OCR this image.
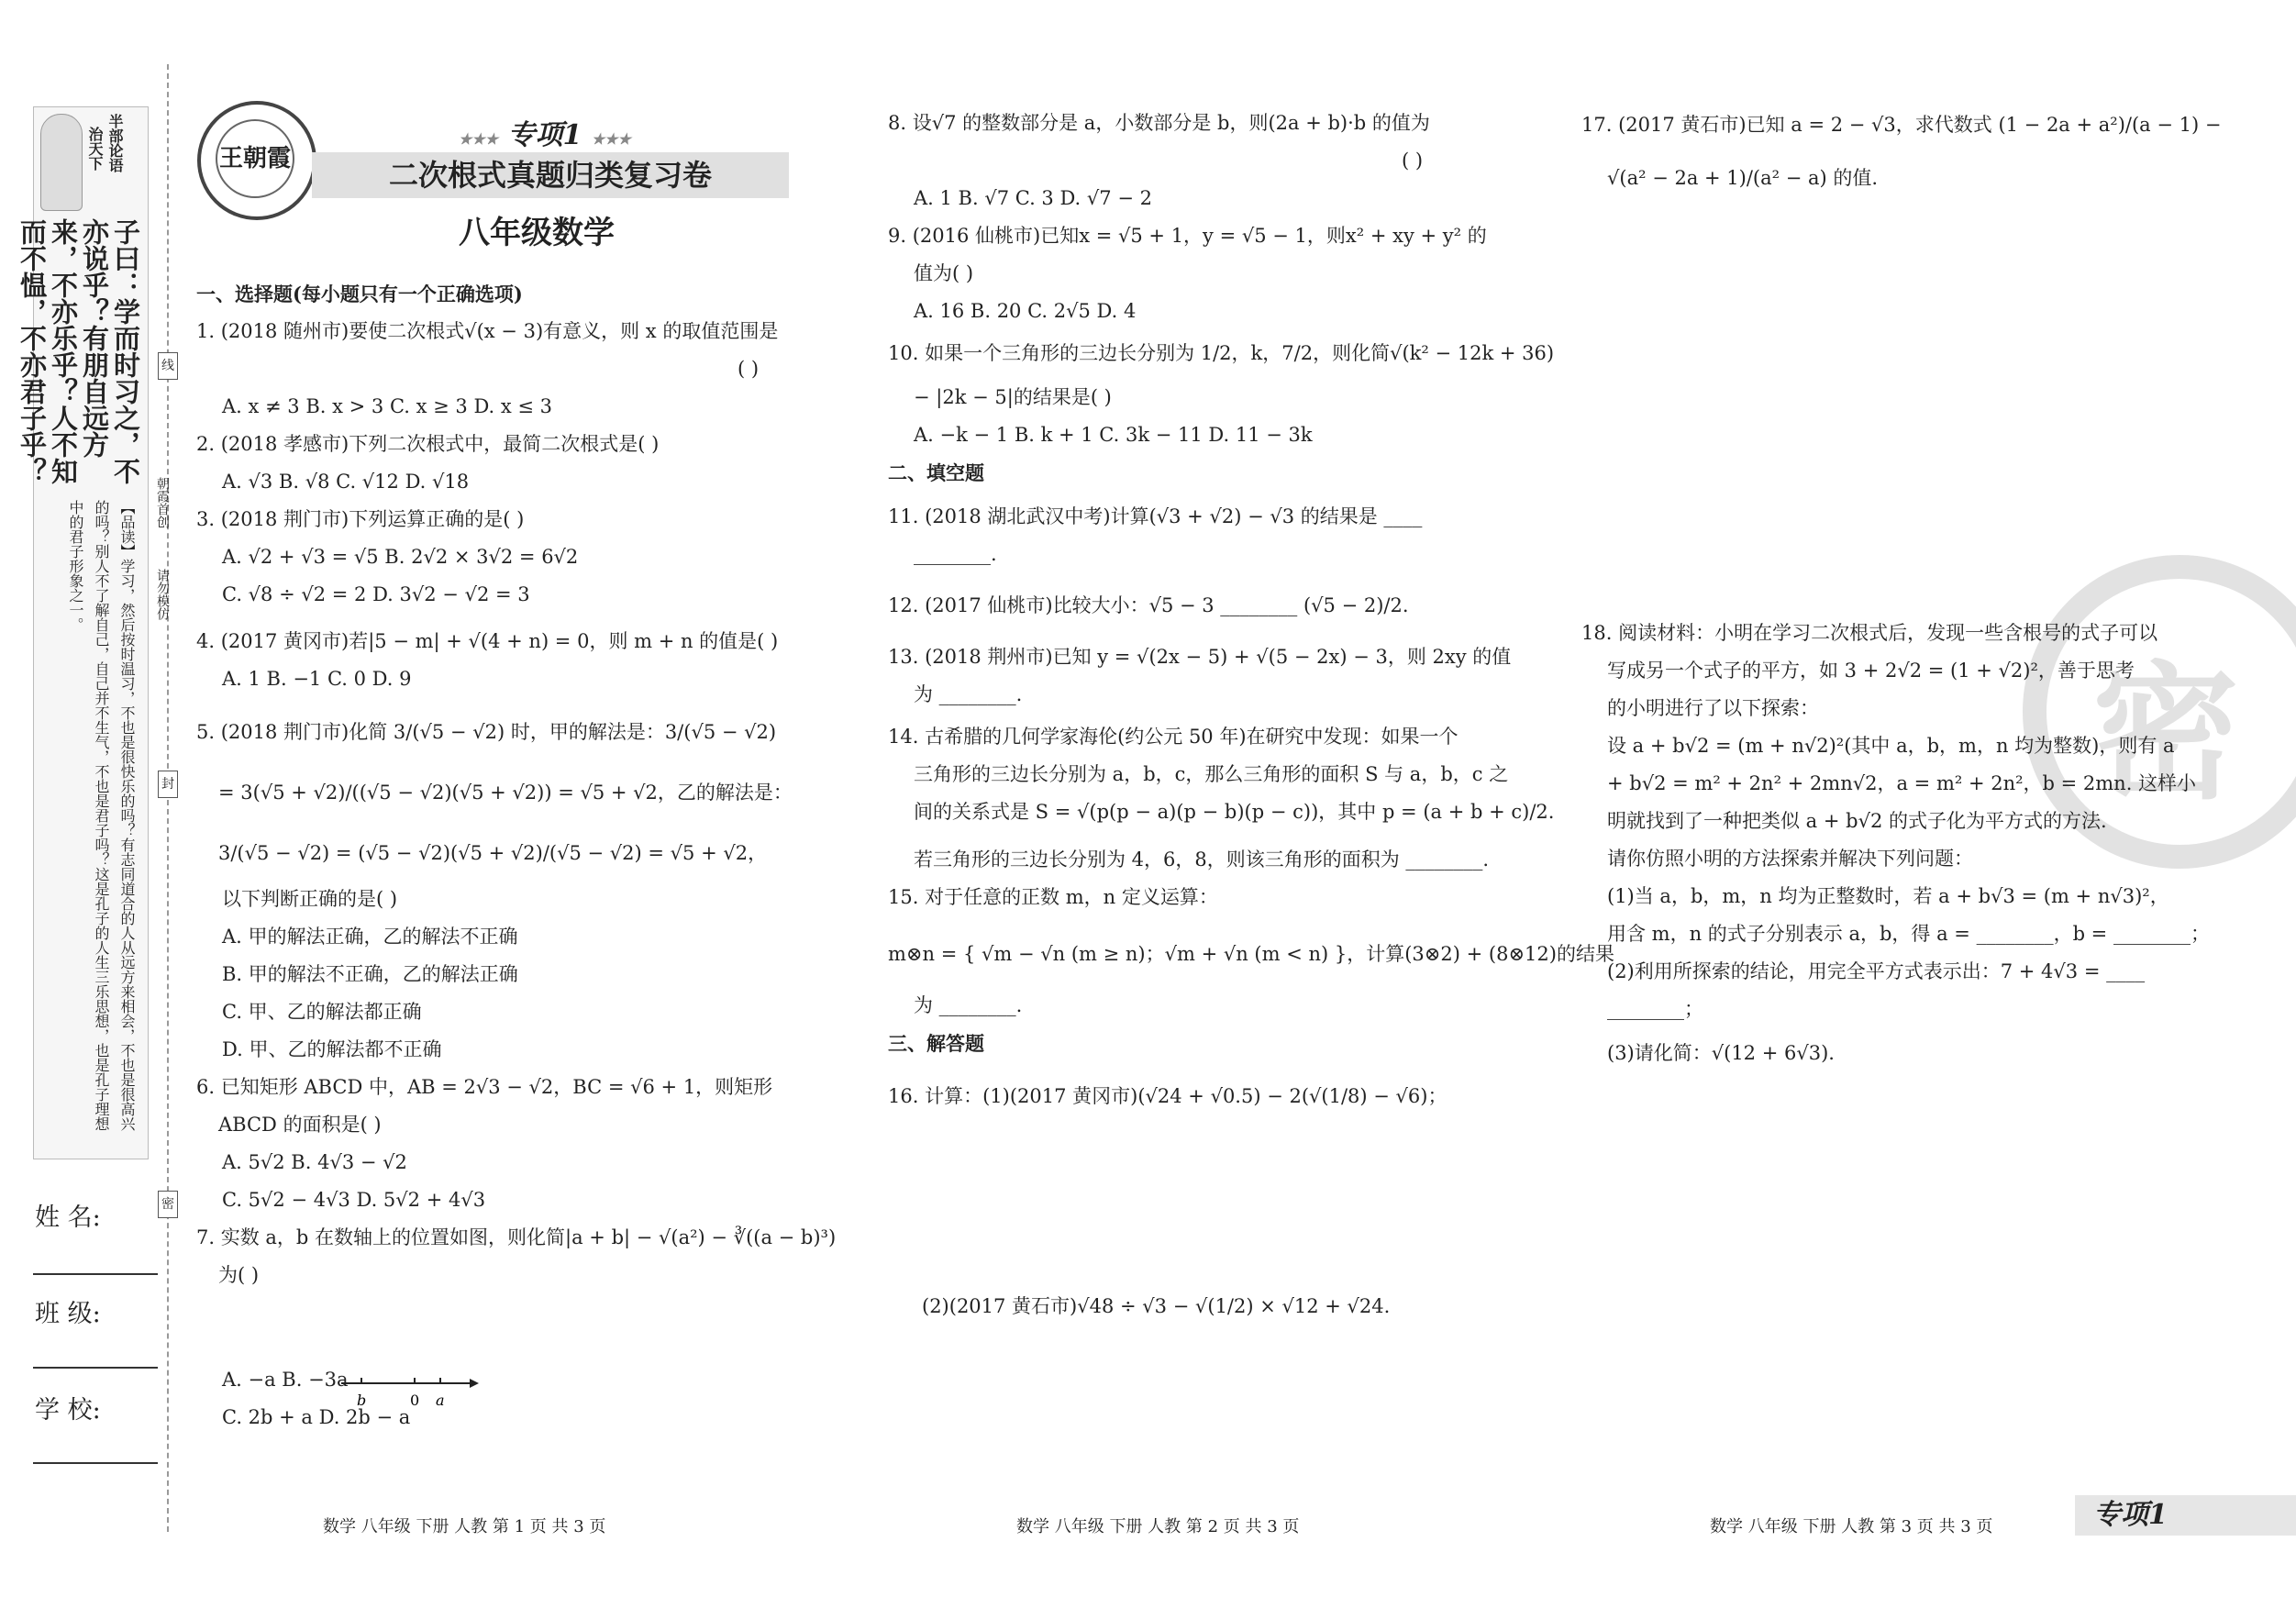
半部论语
治天下
子曰：学而时习之，不亦说乎？有朋自远方来，不亦乐乎？人不知而不愠，不亦君子乎？
【品读】学习，然后按时温习，不也是很快乐的吗？有志同道合的人从远方来相会，不也是很高兴的吗？别人不了解自己，自己并不生气，不也是君子吗？这是孔子的人生三乐思想，也是孔子理想中的君子形象之一。
姓 名:
班 级:
学 校:
线
封
密
朝霞首创
请勿模仿
王朝霞
★★★ 专项1 ★★★
二次根式真题归类复习卷
八年级数学
一、选择题(每小题只有一个正确选项)
1. (2018 随州市)要使二次根式√(x − 3)有意义，则 x 的取值范围是
( )
A. x ≠ 3 B. x > 3 C. x ≥ 3 D. x ≤ 3
2. (2018 孝感市)下列二次根式中，最简二次根式是( )
A. √3 B. √8 C. √12 D. √18
3. (2018 荆门市)下列运算正确的是( )
A. √2 + √3 = √5 B. 2√2 × 3√2 = 6√2
C. √8 ÷ √2 = 2 D. 3√2 − √2 = 3
4. (2017 黄冈市)若|5 − m| + √(4 + n) = 0，则 m + n 的值是( )
A. 1 B. −1 C. 0 D. 9
5. (2018 荆门市)化简 3/(√5 − √2) 时，甲的解法是：3/(√5 − √2)
= 3(√5 + √2)/((√5 − √2)(√5 + √2)) = √5 + √2，乙的解法是：
3/(√5 − √2) = (√5 − √2)(√5 + √2)/(√5 − √2) = √5 + √2，
以下判断正确的是( )
A. 甲的解法正确，乙的解法不正确
B. 甲的解法不正确，乙的解法正确
C. 甲、乙的解法都正确
D. 甲、乙的解法都不正确
6. 已知矩形 ABCD 中，AB = 2√3 − √2，BC = √6 + 1，则矩形
ABCD 的面积是( )
A. 5√2 B. 4√3 − √2
C. 5√2 − 4√3 D. 5√2 + 4√3
7. 实数 a，b 在数轴上的位置如图，则化简|a + b| − √(a²) − ∛((a − b)³)
为( )
A. −a B. −3a
C. 2b + a D. 2b − a
b	0 a
8. 设√7 的整数部分是 a，小数部分是 b，则(2a + b)·b 的值为
( )
A. 1 B. √7 C. 3 D. √7 − 2
9. (2016 仙桃市)已知x = √5 + 1，y = √5 − 1，则x² + xy + y² 的
值为( )
A. 16 B. 20 C. 2√5 D. 4
10. 如果一个三角形的三边长分别为 1/2，k，7/2，则化简√(k² − 12k + 36)
− |2k − 5|的结果是( )
A. −k − 1 B. k + 1 C. 3k − 11 D. 11 − 3k
二、填空题
11. (2018 湖北武汉中考)计算(√3 + √2) − √3 的结果是 ____
________.
12. (2017 仙桃市)比较大小：√5 − 3 ________ (√5 − 2)/2.
13. (2018 荆州市)已知 y = √(2x − 5) + √(5 − 2x) − 3，则 2xy 的值
为 ________.
14. 古希腊的几何学家海伦(约公元 50 年)在研究中发现：如果一个
三角形的三边长分别为 a，b，c，那么三角形的面积 S 与 a，b，c 之
间的关系式是 S = √(p(p − a)(p − b)(p − c))，其中 p = (a + b + c)/2.
若三角形的三边长分别为 4，6，8，则该三角形的面积为 ________.
15. 对于任意的正数 m，n 定义运算：
m⊗n = { √m − √n (m ≥ n)；√m + √n (m < n) }，计算(3⊗2) + (8⊗12)的结果
为 ________.
三、解答题
16. 计算：(1)(2017 黄冈市)(√24 + √0.5) − 2(√(1/8) − √6)；
(2)(2017 黄石市)√48 ÷ √3 − √(1/2) × √12 + √24.
17. (2017 黄石市)已知 a = 2 − √3，求代数式 (1 − 2a + a²)/(a − 1) −
√(a² − 2a + 1)/(a² − a) 的值.
密
18. 阅读材料：小明在学习二次根式后，发现一些含根号的式子可以
写成另一个式子的平方，如 3 + 2√2 = (1 + √2)²，善于思考
的小明进行了以下探索：
设 a + b√2 = (m + n√2)²(其中 a，b，m，n 均为整数)，则有 a
+ b√2 = m² + 2n² + 2mn√2，a = m² + 2n²，b = 2mn. 这样小
明就找到了一种把类似 a + b√2 的式子化为平方式的方法.
请你仿照小明的方法探索并解决下列问题：
(1)当 a，b，m，n 均为正整数时，若 a + b√3 = (m + n√3)²，
用含 m，n 的式子分别表示 a，b，得 a = ________，b = ________；
(2)利用所探索的结论，用完全平方式表示出：7 + 4√3 = ____
________；
(3)请化简：√(12 + 6√3).
数学 八年级 下册 人教 第 1 页 共 3 页	数学 八年级 下册 人教 第 2 页 共 3 页	数学 八年级 下册 人教 第 3 页 共 3 页	专项1
